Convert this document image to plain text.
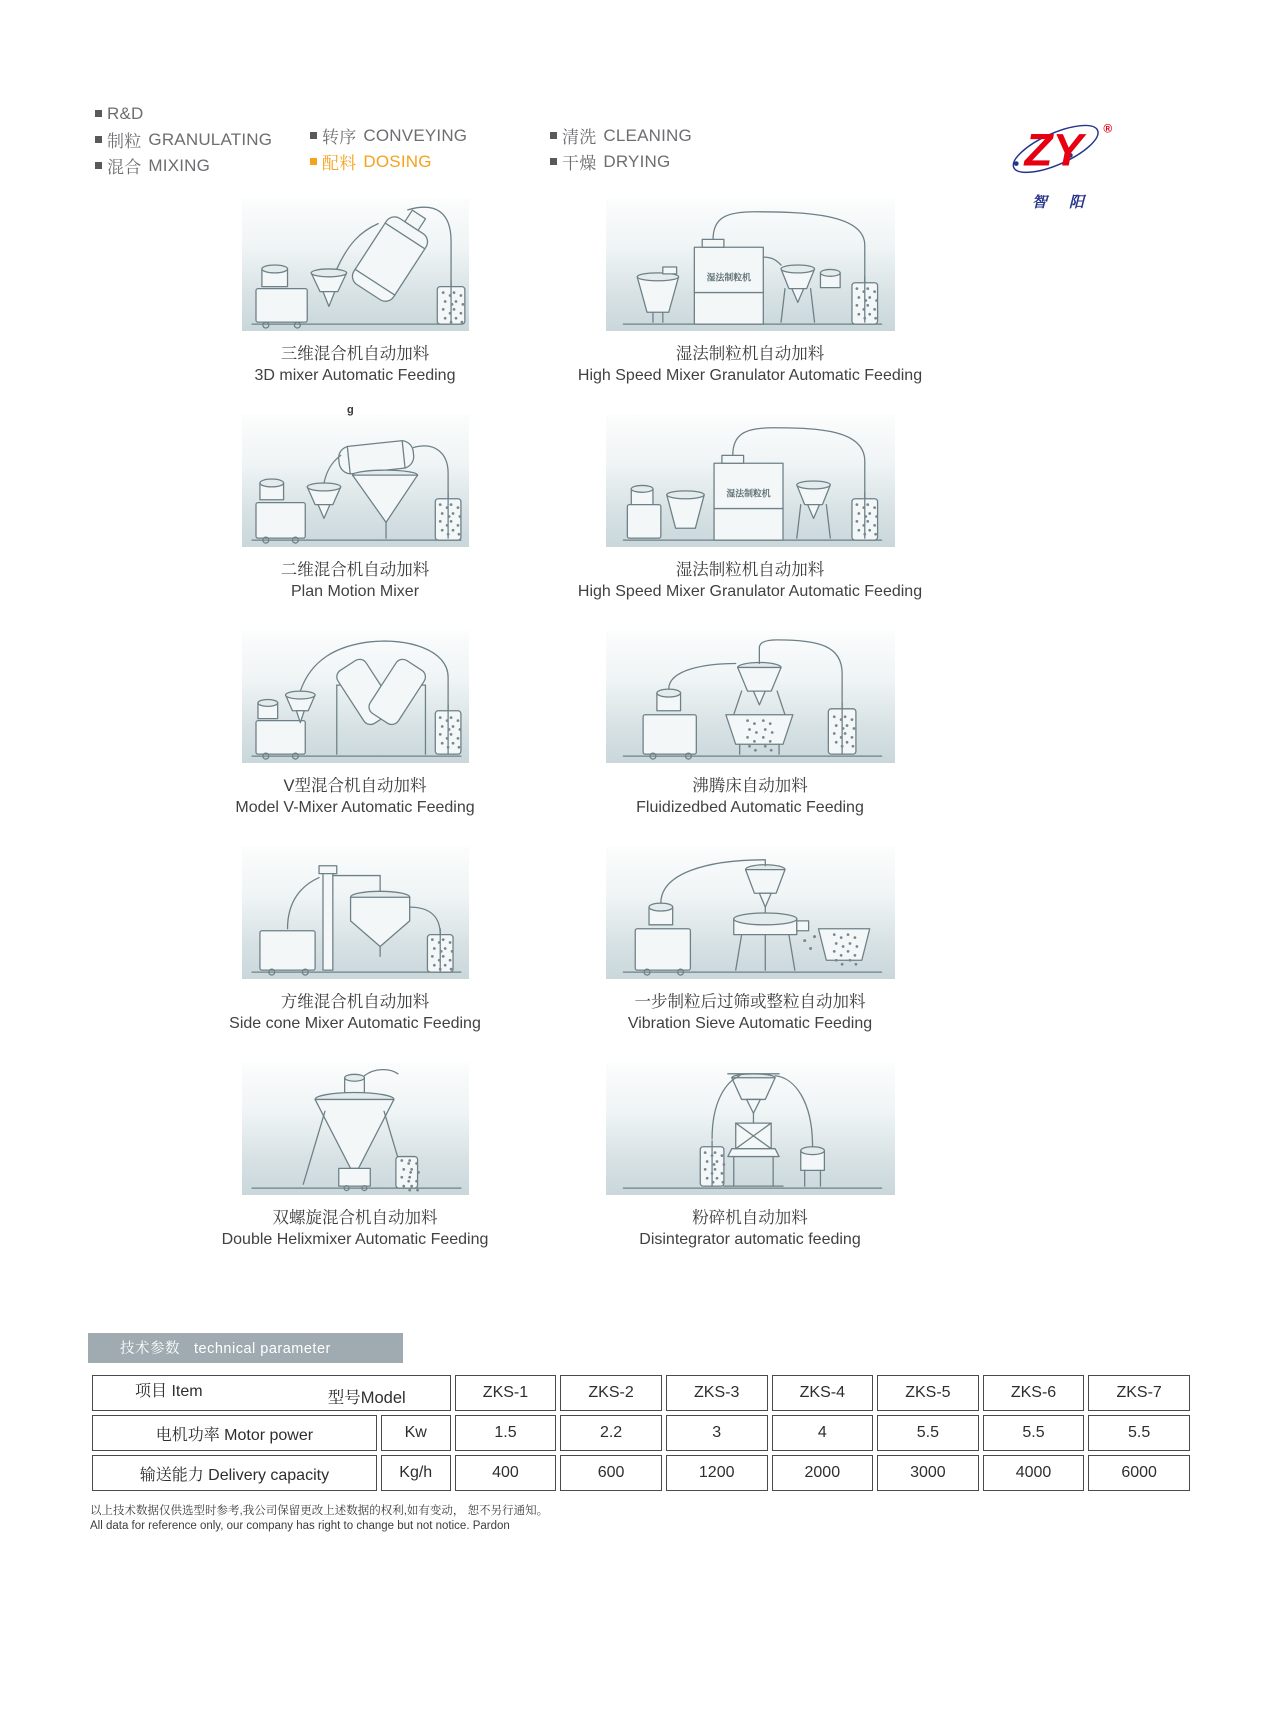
R&D
制粒 GRANULATING
混合 MIXING
转序 CONVEYING
配料 DOSING
清洗 CLEANING
干燥 DRYING	ZY	®
智阳
g
三维混合机自动加料
3D mixer Automatic Feeding
湿法制粒机
湿法制粒机自动加料
High Speed Mixer Granulator Automatic Feeding
二维混合机自动加料
Plan Motion Mixer
湿法制粒机
湿法制粒机自动加料
High Speed Mixer Granulator Automatic Feeding
V型混合机自动加料
Model V-Mixer Automatic Feeding
沸腾床自动加料
Fluidizedbed Automatic Feeding
方维混合机自动加料
Side cone Mixer Automatic Feeding
一步制粒后过筛或整粒自动加料
Vibration Sieve Automatic Feeding
双螺旋混合机自动加料
Double Helixmixer Automatic Feeding
粉碎机自动加料
Disintegrator automatic feeding
技术参数 technical parameter
型号Model
项目 Item		ZKS-1	ZKS-2	ZKS-3	ZKS-4	ZKS-5	ZKS-6	ZKS-7
电机功率 Motor power	Kw	1.5	2.2	3	4	5.5	5.5	5.5
输送能力 Delivery capacity	Kg/h	400	600	1200	2000	3000	4000	6000

以上技术数据仅供选型时参考,我公司保留更改上述数据的权利,如有变动， 恕不另行通知。

All data for reference only, our company has right to change but not notice. Pardon
